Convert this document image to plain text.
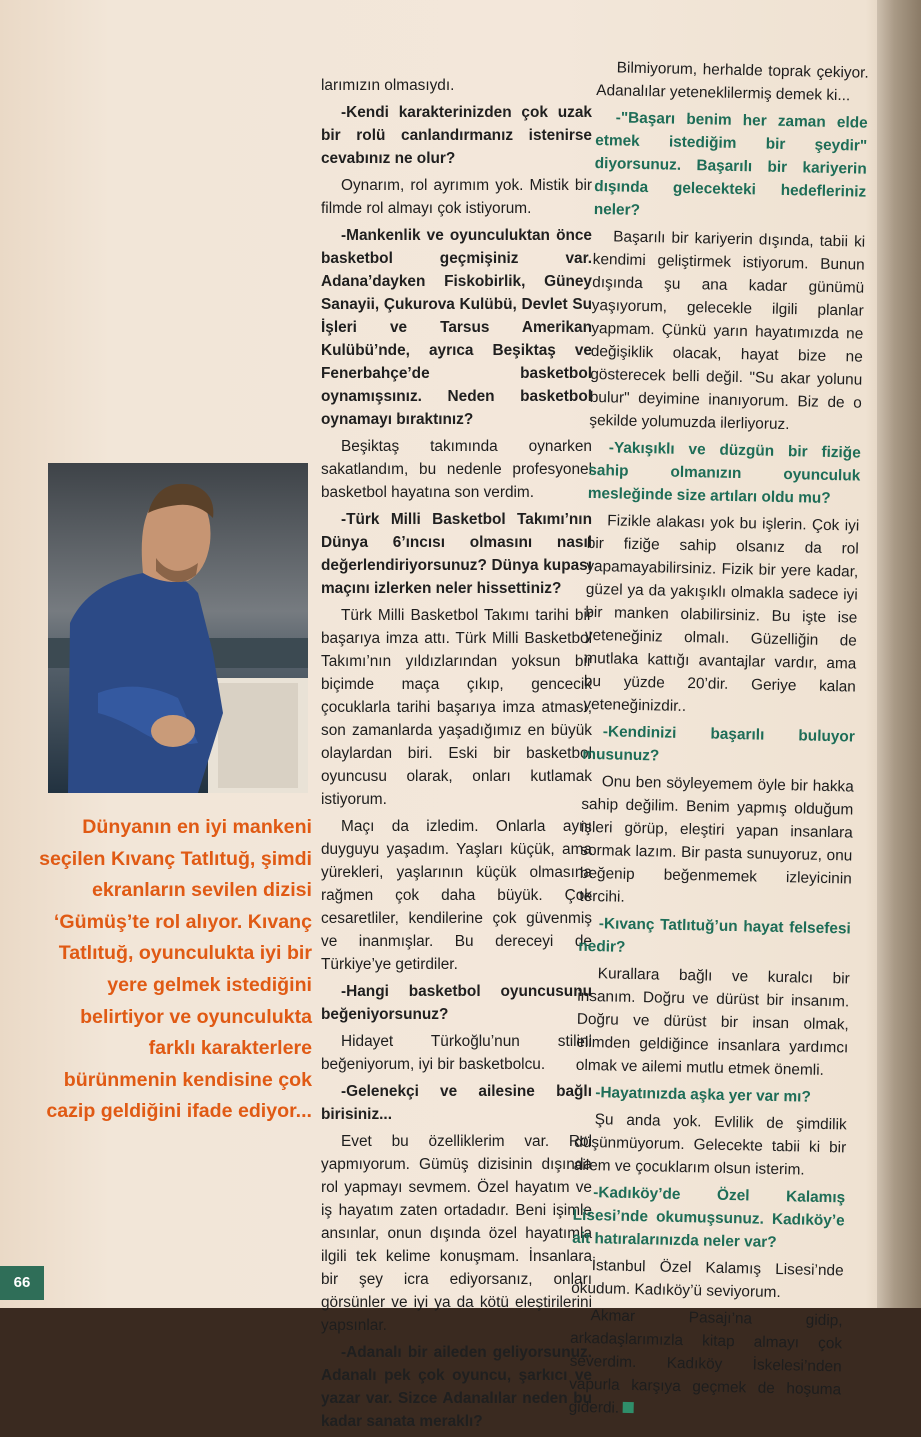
larımızın olmasıydı.

-Kendi karakterinizden çok uzak bir rolü canlandırmanız istenirse cevabınız ne olur?

Oynarım, rol ayrımım yok. Mistik bir filmde rol almayı çok istiyorum.

-Mankenlik ve oyunculuktan önce basketbol geçmişiniz var. Adana’dayken Fiskobirlik, Güney Sanayii, Çukurova Kulübü, Devlet Su İşleri ve Tarsus Amerikan Kulübü’nde, ayrıca Beşiktaş ve Fenerbahçe’de basketbol oynamışsınız. Neden basketbol oynamayı bıraktınız?

Beşiktaş takımında oynarken sakatlandım, bu nedenle profesyonel basketbol hayatına son verdim.

-Türk Milli Basketbol Takımı’nın Dünya 6’ıncısı olmasını nasıl değerlendiriyorsunuz? Dünya kupası maçını izlerken neler hissettiniz?

Türk Milli Basketbol Takımı tarihi bir başarıya imza attı. Türk Milli Basketbol Takımı’nın yıldızlarından yoksun bir biçimde maça çıkıp, gencecik çocuklarla tarihi başarıya imza atması, son zamanlarda yaşadığımız en büyük olaylardan biri. Eski bir basketbol oyuncusu olarak, onları kutlamak istiyorum.

Maçı da izledim. Onlarla aynı duyguyu yaşadım. Yaşları küçük, ama yürekleri, yaşlarının küçük olmasına rağmen çok daha büyük. Çok cesaretliler, kendilerine çok güvenmiş ve inanmışlar. Bu dereceyi de Türkiye’ye getirdiler.

-Hangi basketbol oyuncusunu beğeniyorsunuz?

Hidayet Türkoğlu’nun stilini beğeniyorum, iyi bir basketbolcu.

-Gelenekçi ve ailesine bağlı birisiniz...

Evet bu özelliklerim var. Rol yapmıyorum. Gümüş dizisinin dışında rol yapmayı sevmem. Özel hayatım ve iş hayatım zaten ortadadır. Beni işimle ansınlar, onun dışında özel hayatımla ilgili tek kelime konuşmam. İnsanlara bir şey icra ediyorsanız, onları görsünler ve iyi ya da kötü eleştirilerini yapsınlar.

-Adanalı bir aileden geliyorsunuz. Adanalı pek çok oyuncu, şarkıcı ve yazar var. Sizce Adanalılar neden bu kadar sanata meraklı?

Bilmiyorum, herhalde toprak çekiyor. Adanalılar yeteneklilermiş demek ki...

-"Başarı benim her zaman elde etmek istediğim bir şeydir" diyorsunuz. Başarılı bir kariyerin dışında gelecekteki hedefleriniz neler?

Başarılı bir kariyerin dışında, tabii ki kendimi geliştirmek istiyorum. Bunun dışında şu ana kadar günümü yaşıyorum, gelecekle ilgili planlar yapmam. Çünkü yarın hayatımızda ne değişiklik olacak, hayat bize ne gösterecek belli değil. "Su akar yolunu bulur" deyimine inanıyorum. Biz de o şekilde yolumuzda ilerliyoruz.

-Yakışıklı ve düzgün bir fiziğe sahip olmanızın oyunculuk mesleğinde size artıları oldu mu?

Fizikle alakası yok bu işlerin. Çok iyi bir fiziğe sahip olsanız da rol yapamayabilirsiniz. Fizik bir yere kadar, güzel ya da yakışıklı olmakla sadece iyi bir manken olabilirsiniz. Bu işte ise yeteneğiniz olmalı. Güzelliğin de mutlaka kattığı avantajlar vardır, ama bu yüzde 20’dir. Geriye kalan yeteneğinizdir..

-Kendinizi başarılı buluyor musunuz?

Onu ben söyleyemem öyle bir hakka sahip değilim. Benim yapmış olduğum işleri görüp, eleştiri yapan insanlara sormak lazım. Bir pasta sunuyoruz, onu beğenip beğenmemek izleyicinin tercihi.

-Kıvanç Tatlıtuğ’un hayat felsefesi nedir?

Kurallara bağlı ve kuralcı bir insanım. Doğru ve dürüst bir insanım. Doğru ve dürüst bir insan olmak, elimden geldiğince insanlara yardımcı olmak ve ailemi mutlu etmek önemli.

-Hayatınızda aşka yer var mı?

Şu anda yok. Evlilik de şimdilik düşünmüyorum. Gelecekte tabii ki bir ailem ve çocuklarım olsun isterim.

-Kadıköy’de Özel Kalamış Lisesi’nde okumuşsunuz. Kadıköy’e ait hatıralarınızda neler var?

İstanbul Özel Kalamış Lisesi’nde okudum. Kadıköy’ü seviyorum.

Akmar Pasajı’na gidip, arkadaşlarımızla kitap almayı çok severdim. Kadıköy İskelesi’nden vapurla karşıya geçmek de hoşuma giderdi.

Dünyanın en iyi mankeni seçilen Kıvanç Tatlıtuğ, şimdi ekranların sevilen dizisi ‘Gümüş’te rol alıyor. Kıvanç Tatlıtuğ, oyunculukta iyi bir yere gelmek istediğini belirtiyor ve oyunculukta farklı karakterlere bürünmenin kendisine çok cazip geldiğini ifade ediyor...
66
